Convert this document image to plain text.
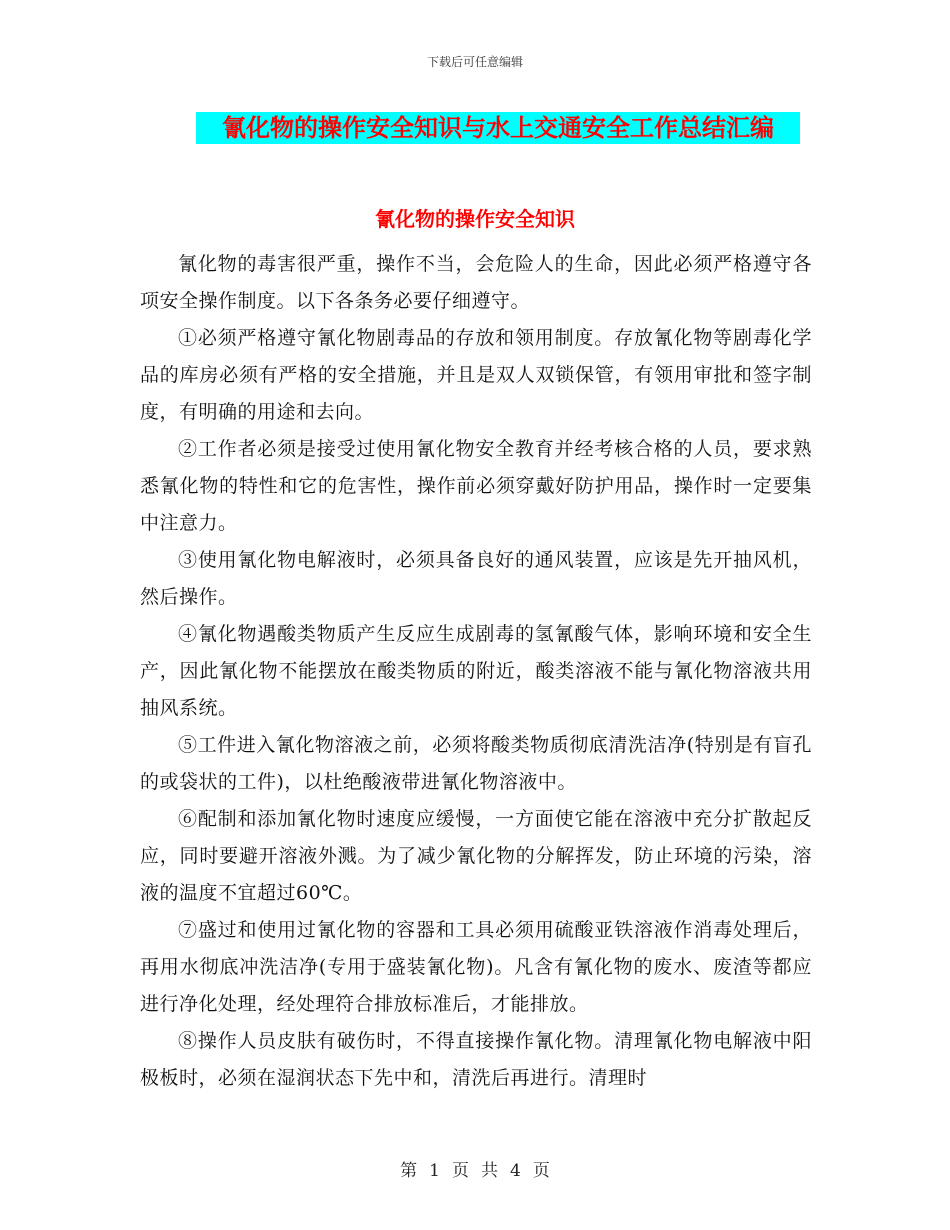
下载后可任意编辑
氰化物的操作安全知识与水上交通安全工作总结汇编
氰化物的操作安全知识

氰化物的毒害很严重，操作不当，会危险人的生命，因此必须严格遵守各项安全操作制度。以下各条务必要仔细遵守。

①必须严格遵守氰化物剧毒品的存放和领用制度。存放氰化物等剧毒化学品的库房必须有严格的安全措施，并且是双人双锁保管，有领用审批和签字制度，有明确的用途和去向。

②工作者必须是接受过使用氰化物安全教育并经考核合格的人员，要求熟悉氰化物的特性和它的危害性，操作前必须穿戴好防护用品，操作时一定要集中注意力。

③使用氰化物电解液时，必须具备良好的通风装置，应该是先开抽风机，然后操作。

④氰化物遇酸类物质产生反应生成剧毒的氢氰酸气体，影响环境和安全生产，因此氰化物不能摆放在酸类物质的附近，酸类溶液不能与氰化物溶液共用抽风系统。

⑤工件进入氰化物溶液之前，必须将酸类物质彻底清洗洁净(特别是有盲孔的或袋状的工件)，以杜绝酸液带进氰化物溶液中。

⑥配制和添加氰化物时速度应缓慢，一方面使它能在溶液中充分扩散起反应，同时要避开溶液外溅。为了减少氰化物的分解挥发，防止环境的污染，溶液的温度不宜超过60℃。

⑦盛过和使用过氰化物的容器和工具必须用硫酸亚铁溶液作消毒处理后，再用水彻底冲洗洁净(专用于盛装氰化物)。凡含有氰化物的废水、废渣等都应进行净化处理，经处理符合排放标准后，才能排放。

⑧操作人员皮肤有破伤时，不得直接操作氰化物。清理氰化物电解液中阳极板时，必须在湿润状态下先中和，清洗后再进行。清理时

第 1 页 共 4 页
